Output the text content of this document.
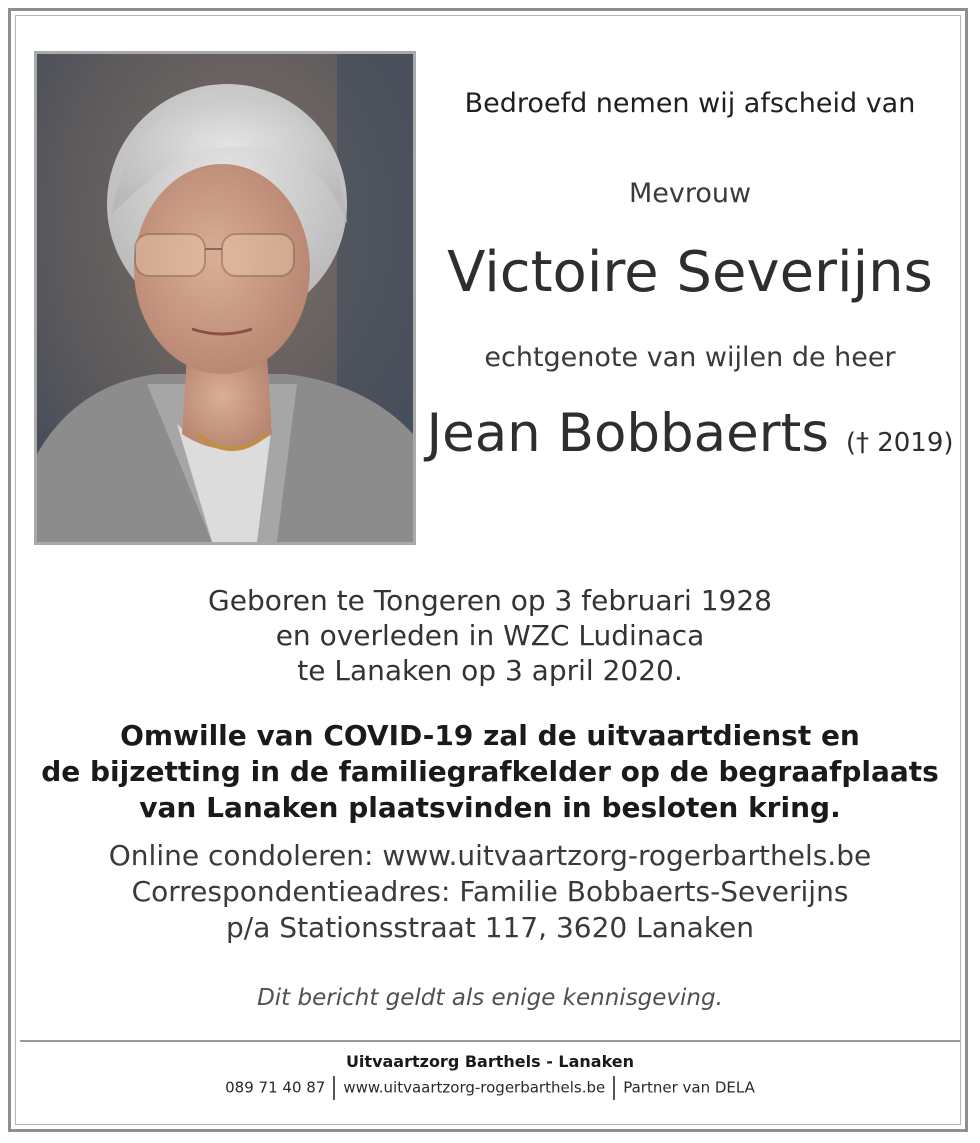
Bedroefd nemen wij afscheid van
Mevrouw
Victoire Severijns
echtgenote van wijlen de heer
Jean Bobbaerts († 2019)
Geboren te Tongeren op 3 februari 1928
en overleden in WZC Ludinaca
te Lanaken op 3 april 2020.
Omwille van COVID-19 zal de uitvaartdienst en
de bijzetting in de familiegrafkelder op de begraafplaats
van Lanaken plaatsvinden in besloten kring.
Online condoleren: www.uitvaartzorg-rogerbarthels.be
Correspondentieadres: Familie Bobbaerts-Severijns
p/a Stationsstraat 117, 3620 Lanaken
Dit bericht geldt als enige kennisgeving.
Uitvaartzorg Barthels - Lanaken
089 71 40 87 www.uitvaartzorg-rogerbarthels.be Partner van DELA
